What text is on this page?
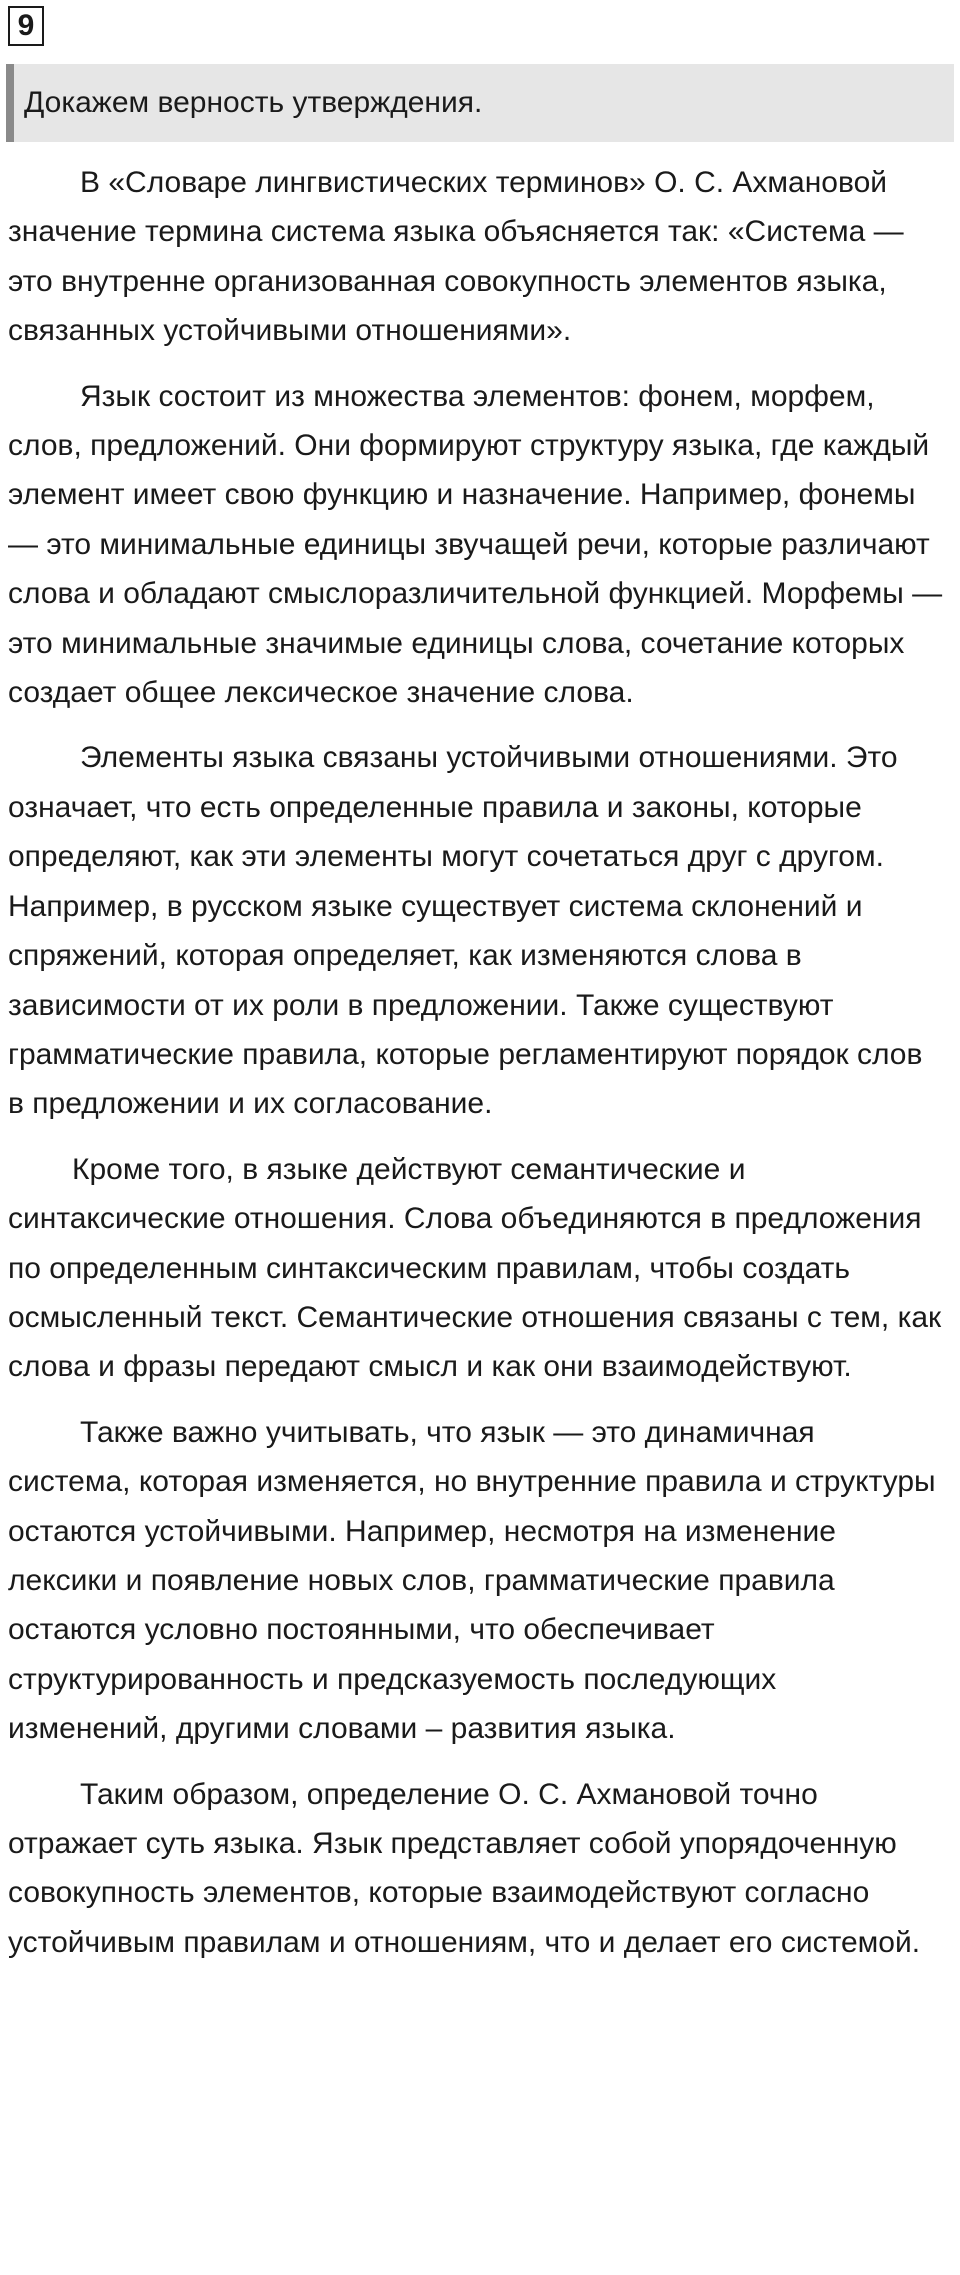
9
Докажем верность утверждения.

В «Словаре лингвистических терминов» О. С. Ахмановой значение термина система языка объясняется так: «Система — это внутренне организованная совокупность элементов языка, связанных устойчивыми отношениями».

Язык состоит из множества элементов: фонем, морфем, слов, предложений. Они формируют структуру языка, где каждый элемент имеет свою функцию и назначение. Например, фонемы — это минимальные единицы звучащей речи, которые различают слова и обладают смыслоразличительной функцией. Морфемы — это минимальные значимые единицы слова, сочетание которых создает общее лексическое значение слова.

Элементы языка связаны устойчивыми отношениями. Это означает, что есть определенные правила и законы, которые определяют, как эти элементы могут сочетаться друг с другом. Например, в русском языке существует система склонений и спряжений, которая определяет, как изменяются слова в зависимости от их роли в предложении. Также существуют грамматические правила, которые регламентируют порядок слов в предложении и их согласование.

Кроме того, в языке действуют семантические и синтаксические отношения. Слова объединяются в предложения по определенным синтаксическим правилам, чтобы создать осмысленный текст. Семантические отношения связаны с тем, как слова и фразы передают смысл и как они взаимодействуют.

Также важно учитывать, что язык — это динамичная система, которая изменяется, но внутренние правила и структуры остаются устойчивыми. Например, несмотря на изменение лексики и появление новых слов, грамматические правила остаются условно постоянными, что обеспечивает структурированность и предсказуемость последующих изменений, другими словами – развития языка.

Таким образом, определение О. С. Ахмановой точно отражает суть языка. Язык представляет собой упорядоченную совокупность элементов, которые взаимодействуют согласно устойчивым правилам и отношениям, что и делает его системой.
